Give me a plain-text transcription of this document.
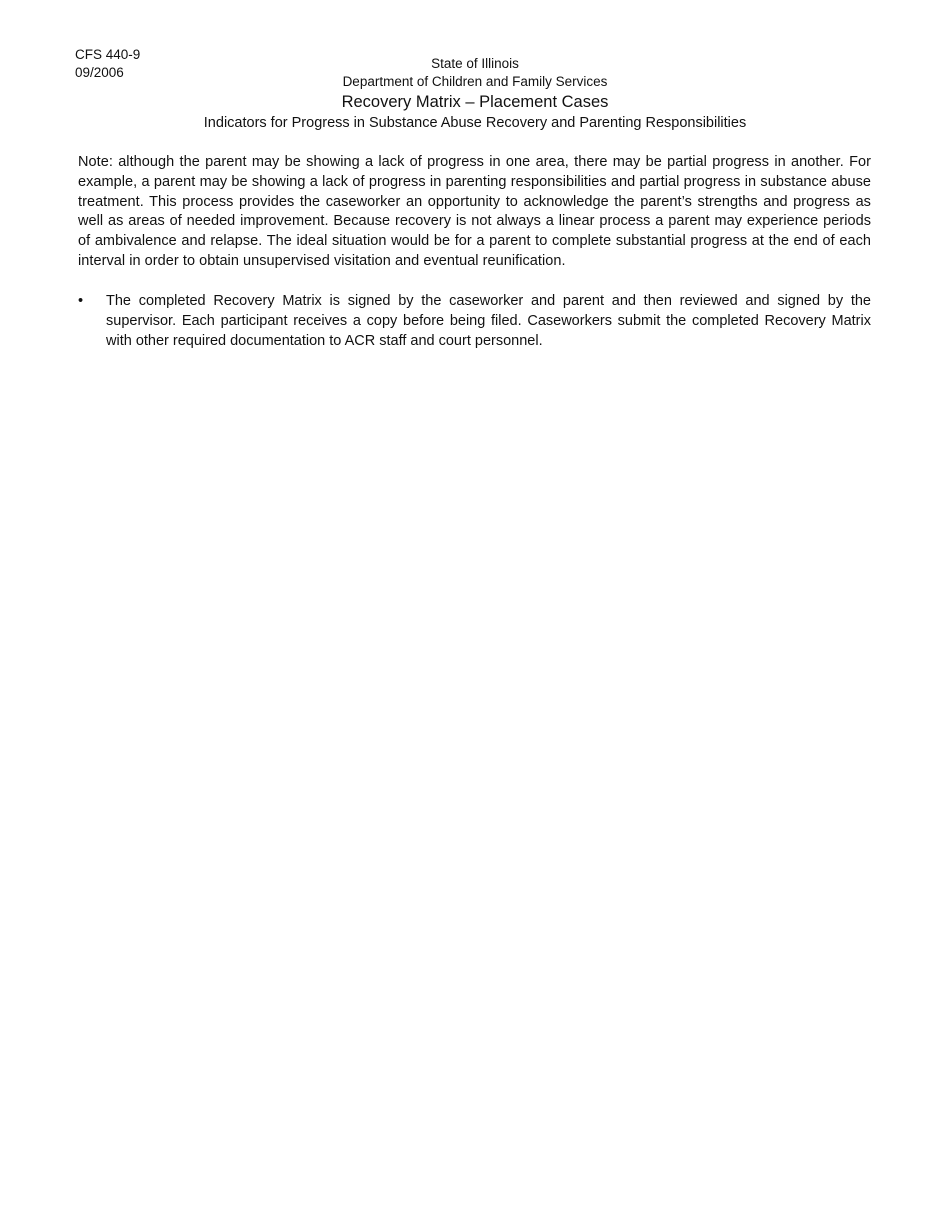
CFS 440-9
09/2006
State of Illinois
Department of Children and Family Services
Recovery Matrix – Placement Cases
Indicators for Progress in Substance Abuse Recovery and Parenting Responsibilities

Note: although the parent may be showing a lack of progress in one area, there may be partial progress in another. For example, a parent may be showing a lack of progress in parenting responsibilities and partial progress in substance abuse treatment. This process provides the caseworker an opportunity to acknowledge the parent’s strengths and progress as well as areas of needed improvement. Because recovery is not always a linear process a parent may experience periods of ambivalence and relapse. The ideal situation would be for a parent to complete substantial progress at the end of each interval in order to obtain unsupervised visitation and eventual reunification.

•	The completed Recovery Matrix is signed by the caseworker and parent and then reviewed and signed by the supervisor. Each participant receives a copy before being filed. Caseworkers submit the completed Recovery Matrix with other required documentation to ACR staff and court personnel.
